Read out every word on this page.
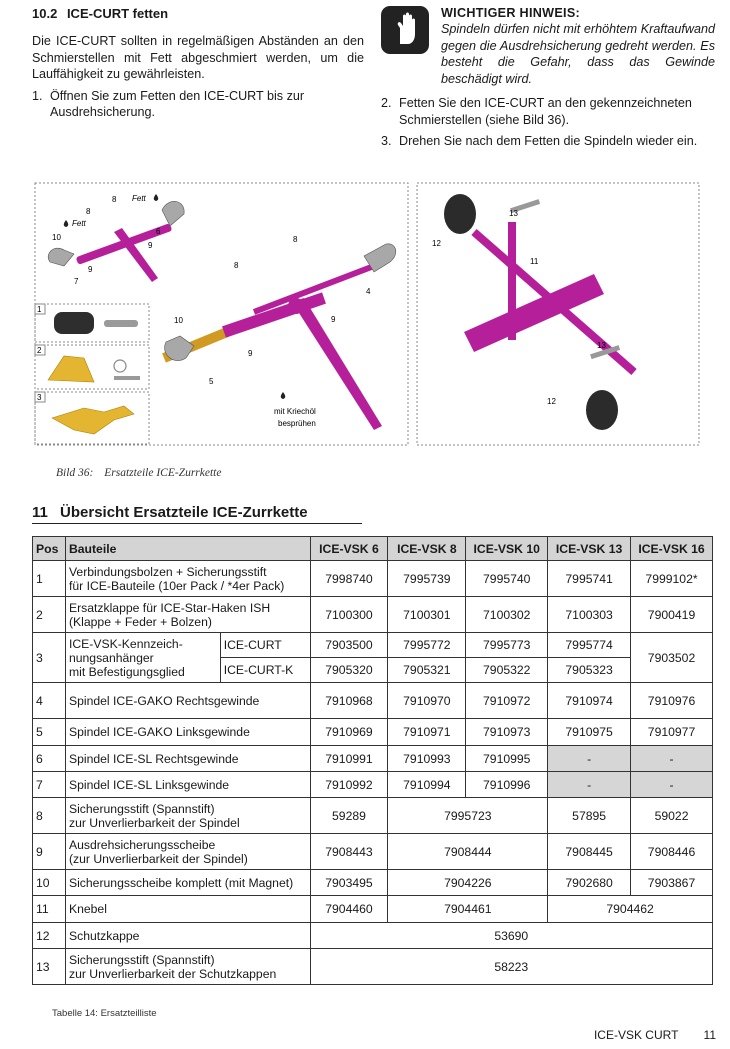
10.2 ICE-CURT fetten

Die ICE-CURT sollten in regelmäßigen Abständen an den Schmierstellen mit Fett abgeschmiert werden, um die Lauffähigkeit zu gewährleisten.

1. Öffnen Sie zum Fetten den ICE-CURT bis zur Ausdrehsicherung.
WICHTIGER HINWEIS:
Spindeln dürfen nicht mit erhöhtem Kraftaufwand gegen die Ausdrehsicherung gedreht werden. Es besteht die Gefahr, dass das Gewinde beschädigt wird.
2. Fetten Sie den ICE-CURT an den gekennzeichneten Schmierstellen (siehe Bild 36).
3. Drehen Sie nach dem Fetten die Spindeln wieder ein.
1
2
3
Fett
Fett
8
8
10
6
9
9
7
8
8
4
9
9
10
5
mit Kriechöl
besprühen
12
12
13
13
11
Bild 36: Ersatzteile ICE-Zurrkette
11 Übersicht Ersatzteile ICE-Zurrkette
Pos	Bauteile		ICE-VSK 6	ICE-VSK 8	ICE-VSK 10	ICE-VSK 13	ICE-VSK 16
1	Verbindungsbolzen + Sicherungsstift
für ICE-Bauteile (10er Pack / *4er Pack)		7998740	7995739	7995740	7995741	7999102*
2	Ersatzklappe für ICE-Star-Haken ISH
(Klappe + Feder + Bolzen)		7100300	7100301	7100302	7100303	7900419
3	ICE-VSK-Kennzeich-
nungsanhänger
mit Befestigungsglied	ICE-CURT	7903500	7995772	7995773	7995774	7903502
		ICE-CURT-K	7905320	7905321	7905322	7905323	
4	Spindel ICE-GAKO Rechtsgewinde		7910968	7910970	7910972	7910974	7910976
5	Spindel ICE-GAKO Linksgewinde		7910969	7910971	7910973	7910975	7910977
6	Spindel ICE-SL Rechtsgewinde		7910991	7910993	7910995	-	-
7	Spindel ICE-SL Linksgewinde		7910992	7910994	7910996	-	-
8	Sicherungsstift (Spannstift)
zur Unverlierbarkeit der Spindel		59289	7995723		57895	59022
9	Ausdrehsicherungsscheibe
(zur Unverlierbarkeit der Spindel)		7908443	7908444		7908445	7908446
10	Sicherungsscheibe komplett (mit Magnet)		7903495	7904226		7902680	7903867
11	Knebel		7904460	7904461		7904462	
12	Schutzkappe		53690				
13	Sicherungsstift (Spannstift)
zur Unverlierbarkeit der Schutzkappen		58223				
Tabelle 14: Ersatzteilliste
ICE-VSK CURT 11
